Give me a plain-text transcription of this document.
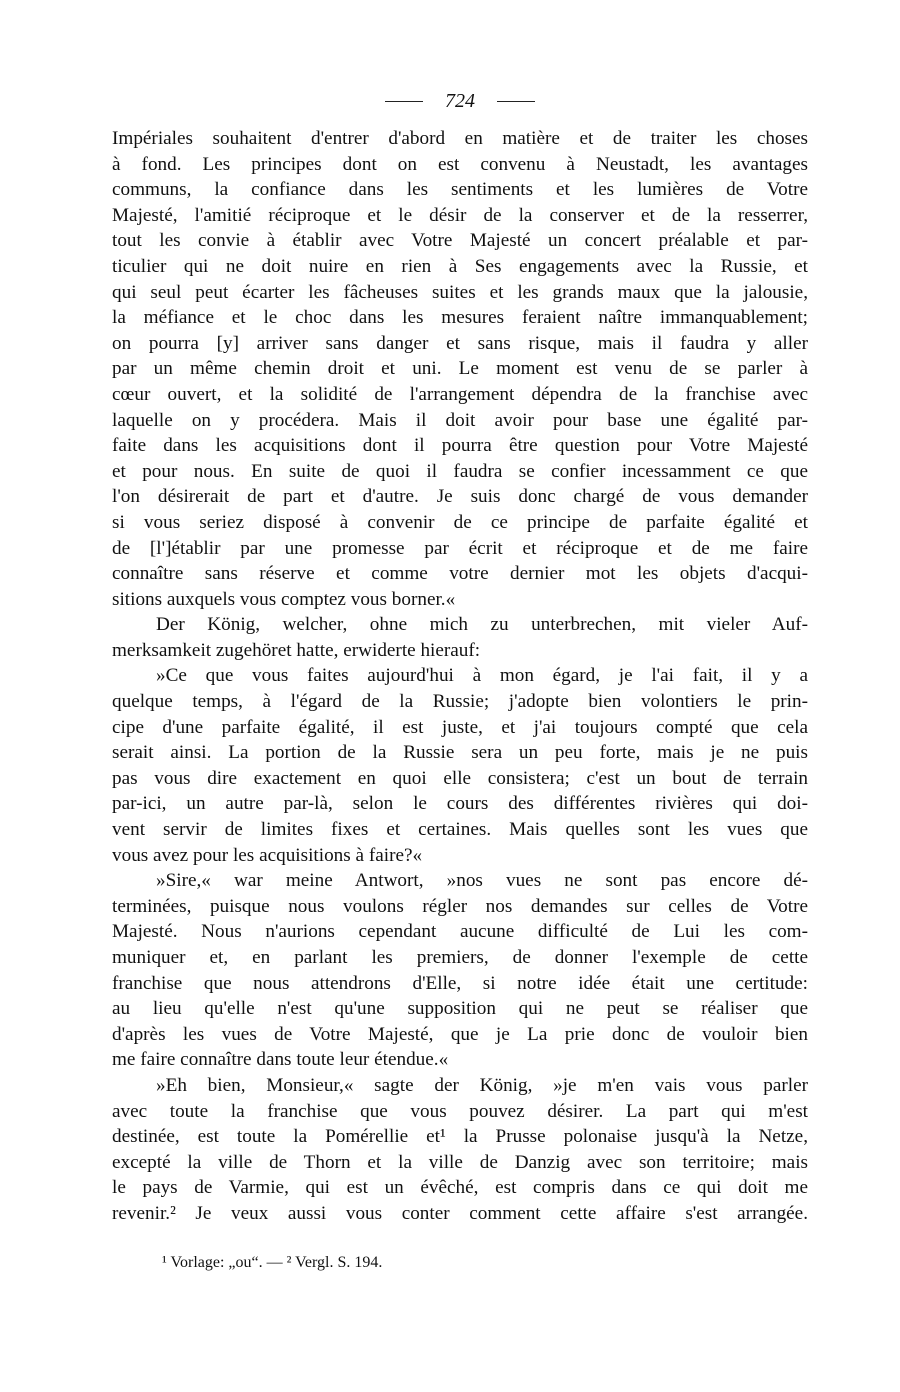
724
Impériales souhaitent d'entrer d'abord en matière et de traiter les choses
à fond. Les principes dont on est convenu à Neustadt, les avantages
communs, la confiance dans les sentiments et les lumières de Votre
Majesté, l'amitié réciproque et le désir de la conserver et de la resserrer,
tout les convie à établir avec Votre Majesté un concert préalable et par-
ticulier qui ne doit nuire en rien à Ses engagements avec la Russie, et
qui seul peut écarter les fâcheuses suites et les grands maux que la jalousie,
la méfiance et le choc dans les mesures feraient naître immanquablement;
on pourra [y] arriver sans danger et sans risque, mais il faudra y aller
par un même chemin droit et uni. Le moment est venu de se parler à
cœur ouvert, et la solidité de l'arrangement dépendra de la franchise avec
laquelle on y procédera. Mais il doit avoir pour base une égalité par-
faite dans les acquisitions dont il pourra être question pour Votre Majesté
et pour nous. En suite de quoi il faudra se confier incessamment ce que
l'on désirerait de part et d'autre. Je suis donc chargé de vous demander
si vous seriez disposé à convenir de ce principe de parfaite égalité et
de [l']établir par une promesse par écrit et réciproque et de me faire
connaître sans réserve et comme votre dernier mot les objets d'acqui-
sitions auxquels vous comptez vous borner.«
Der König, welcher, ohne mich zu unterbrechen, mit vieler Auf-
merksamkeit zugehöret hatte, erwiderte hierauf:
»Ce que vous faites aujourd'hui à mon égard, je l'ai fait, il y a
quelque temps, à l'égard de la Russie; j'adopte bien volontiers le prin-
cipe d'une parfaite égalité, il est juste, et j'ai toujours compté que cela
serait ainsi. La portion de la Russie sera un peu forte, mais je ne puis
pas vous dire exactement en quoi elle consistera; c'est un bout de terrain
par-ici, un autre par-là, selon le cours des différentes rivières qui doi-
vent servir de limites fixes et certaines. Mais quelles sont les vues que
vous avez pour les acquisitions à faire?«
»Sire,« war meine Antwort, »nos vues ne sont pas encore dé-
terminées, puisque nous voulons régler nos demandes sur celles de Votre
Majesté. Nous n'aurions cependant aucune difficulté de Lui les com-
muniquer et, en parlant les premiers, de donner l'exemple de cette
franchise que nous attendrons d'Elle, si notre idée était une certitude:
au lieu qu'elle n'est qu'une supposition qui ne peut se réaliser que
d'après les vues de Votre Majesté, que je La prie donc de vouloir bien
me faire connaître dans toute leur étendue.«
»Eh bien, Monsieur,« sagte der König, »je m'en vais vous parler
avec toute la franchise que vous pouvez désirer. La part qui m'est
destinée, est toute la Pomérellie et¹ la Prusse polonaise jusqu'à la Netze,
excepté la ville de Thorn et la ville de Danzig avec son territoire; mais
le pays de Varmie, qui est un évêché, est compris dans ce qui doit me
revenir.² Je veux aussi vous conter comment cette affaire s'est arrangée.
¹ Vorlage: „ou“. — ² Vergl. S. 194.
